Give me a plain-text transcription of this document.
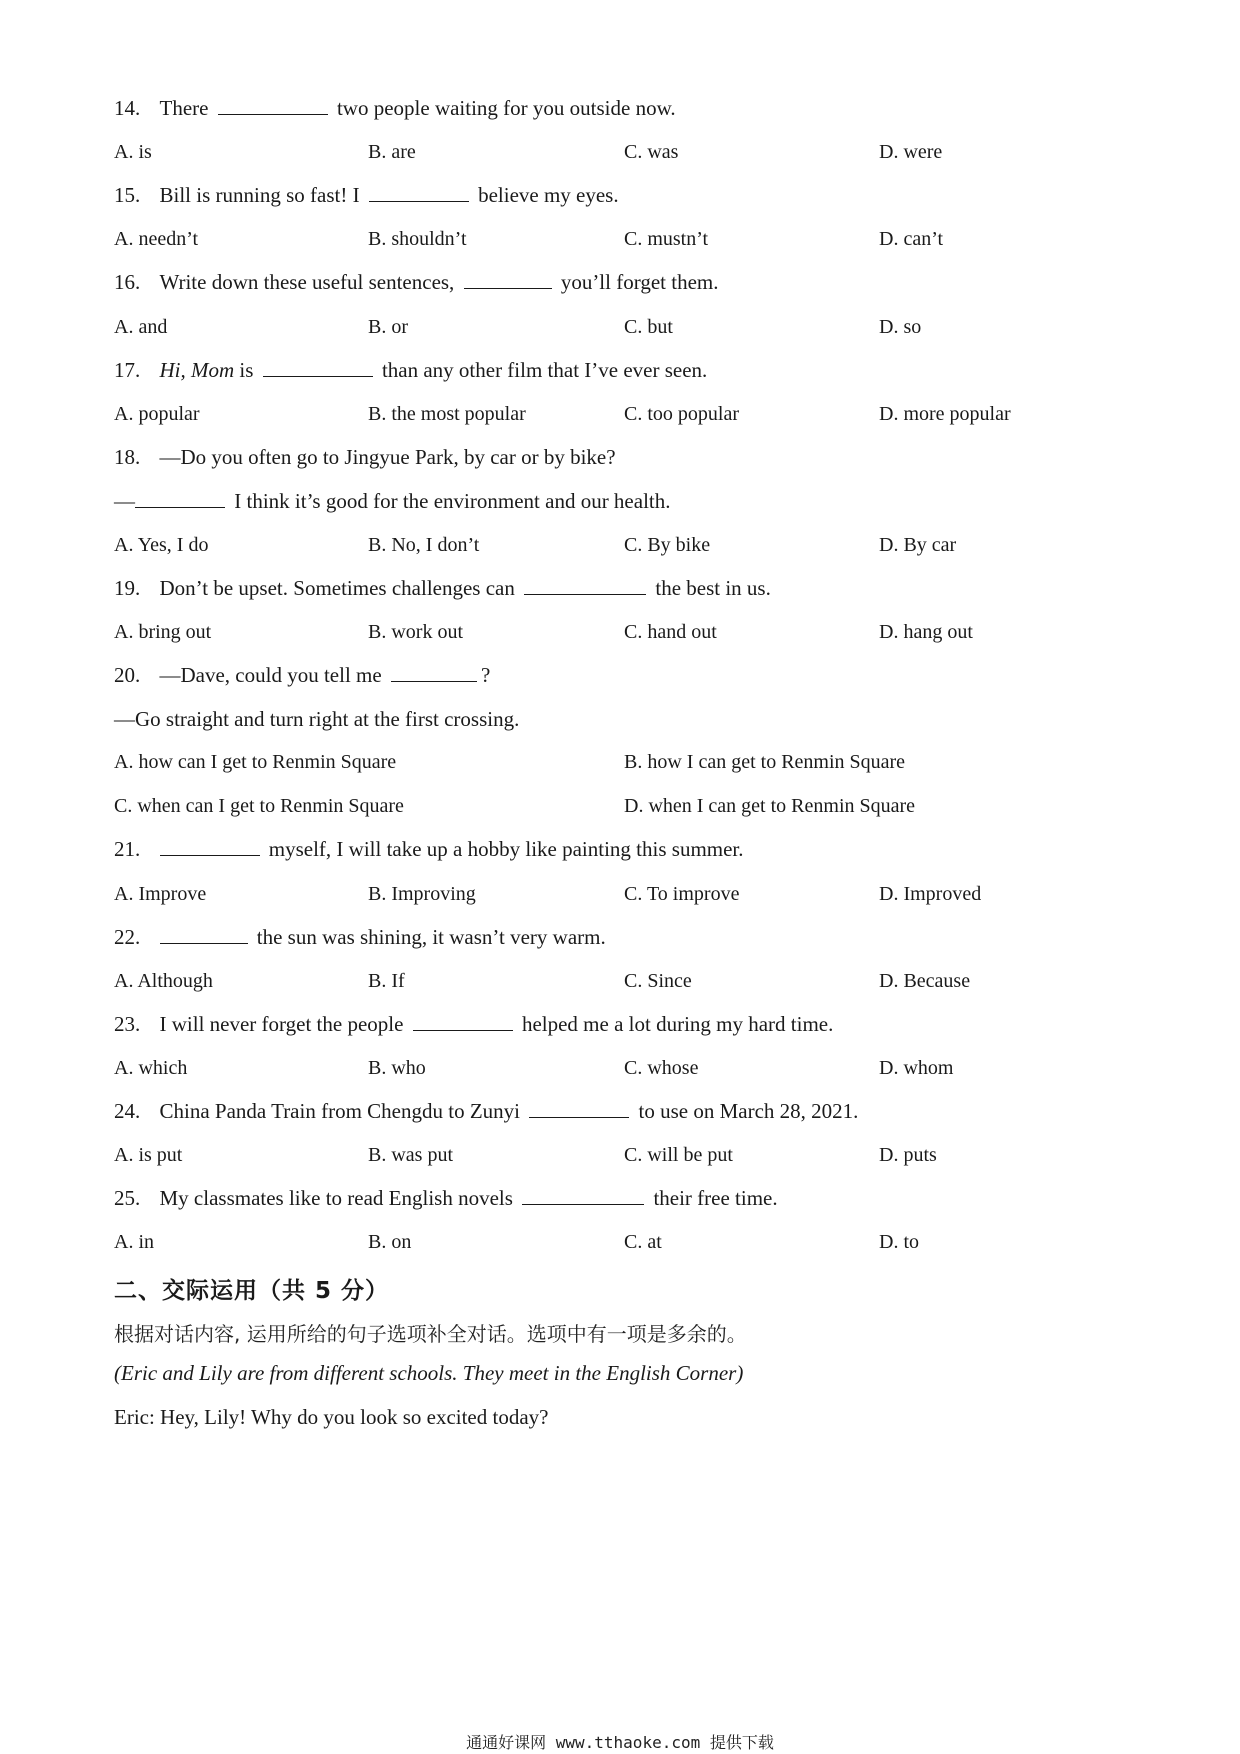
14. There	two people waiting for you outside now.
A. is	B. are	C. was	D. were
15. Bill is running so fast! I	believe my eyes.
A. needn’t	B. shouldn’t	C. mustn’t	D. can’t
16. Write down these useful sentences,	you’ll forget them.
A. and	B. or	C. but	D. so
17. Hi, Mom is	than any other film that I’ve ever seen.
A. popular	B. the most popular	C. too popular	D. more popular
18. —Do you often go to Jingyue Park, by car or by bike?
—	I think it’s good for the environment and our health.
A. Yes, I do	B. No, I don’t	C. By bike	D. By car
19. Don’t be upset. Sometimes challenges can	the best in us.
A. bring out	B. work out	C. hand out	D. hang out
20. —Dave, could you tell me	?
—Go straight and turn right at the first crossing.
A. how can I get to Renmin Square	B. how I can get to Renmin Square
C. when can I get to Renmin Square	D. when I can get to Renmin Square
21.	myself, I will take up a hobby like painting this summer.
A. Improve	B. Improving	C. To improve	D. Improved
22.	the sun was shining, it wasn’t very warm.
A. Although	B. If	C. Since	D. Because
23. I will never forget the people	helped me a lot during my hard time.
A. which	B. who	C. whose	D. whom
24. China Panda Train from Chengdu to Zunyi	to use on March 28, 2021.
A. is put	B. was put	C. will be put	D. puts
25. My classmates like to read English novels	their free time.
A. in	B. on	C. at	D. to
二、交际运用（共 5 分）
根据对话内容, 运用所给的句子选项补全对话。选项中有一项是多余的。
(Eric and Lily are from different schools. They meet in the English Corner)
Eric: Hey, Lily! Why do you look so excited today?
通通好课网 www.tthaoke.com 提供下载
